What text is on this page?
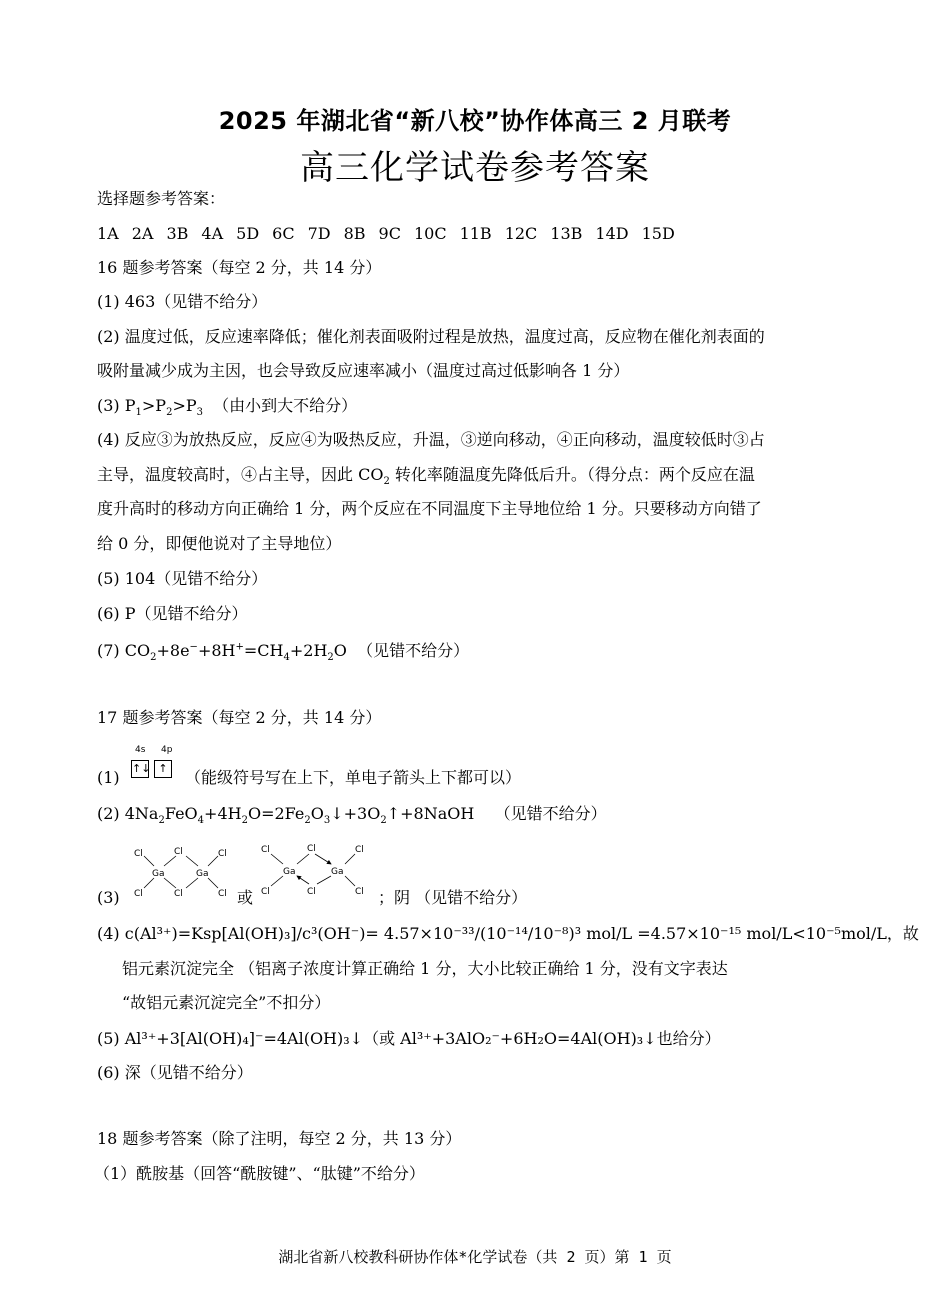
2025 年湖北省“新八校”协作体高三 2 月联考
高三化学试卷参考答案
选择题参考答案：
1A 2A 3B 4A 5D 6C 7D 8B 9C 10C 11B 12C 13B 14D 15D
16 题参考答案（每空 2 分，共 14 分）
(1) 463（见错不给分）
(2) 温度过低，反应速率降低；催化剂表面吸附过程是放热，温度过高，反应物在催化剂表面的
吸附量减少成为主因，也会导致反应速率减小（温度过高过低影响各 1 分）
(3) $P_1>P_2>P_3$ （由小到大不给分）
(4) 反应③为放热反应，反应④为吸热反应，升温，③逆向移动，④正向移动，温度较低时③占
主导，温度较高时，④占主导，因此 $CO_2$ 转化率随温度先降低后升。（得分点：两个反应在温
度升高时的移动方向正确给 1 分，两个反应在不同温度下主导地位给 1 分。只要移动方向错了
给 0 分，即便他说对了主导地位）
(5) 104（见错不给分）
(6) P（见错不给分）
(7) $CO_2+8e^-+8H^+=CH_4+2H_2O$  （见错不给分）
17 题参考答案（每空 2 分，共 14 分）
(1)
4s 4p
↑↓ ↑ （能级符号写在上下，单电子箭头上下都可以）
(2) $4Na_2FeO_4+4H_2O=2Fe_2O_3↓+3O_2↑+8NaOH$    （见错不给分）
Cl
Cl
Cl
Cl
Cl
Cl
Ga	Ga
(3)	或
Cl
Cl
Cl
Cl
Cl
Cl
Ga	Ga
；阴 （见错不给分）
(4) c(Al³⁺)=Ksp[Al(OH)₃]/c³(OH⁻)= 4.57×10⁻³³/(10⁻¹⁴/10⁻⁸)³ mol/L =4.57×10⁻¹⁵ mol/L<10⁻⁵mol/L，故
铝元素沉淀完全 （铝离子浓度计算正确给 1 分，大小比较正确给 1 分，没有文字表达
“故铝元素沉淀完全”不扣分）
(5) Al³⁺+3[Al(OH)₄]⁻=4Al(OH)₃↓（或 Al³⁺+3AlO₂⁻+6H₂O=4Al(OH)₃↓也给分）
(6) 深（见错不给分）
18 题参考答案（除了注明，每空 2 分，共 13 分）
（1）酰胺基（回答“酰胺键”、“肽键”不给分）
湖北省新八校教科研协作体*化学试卷（共 2 页）第 1 页
